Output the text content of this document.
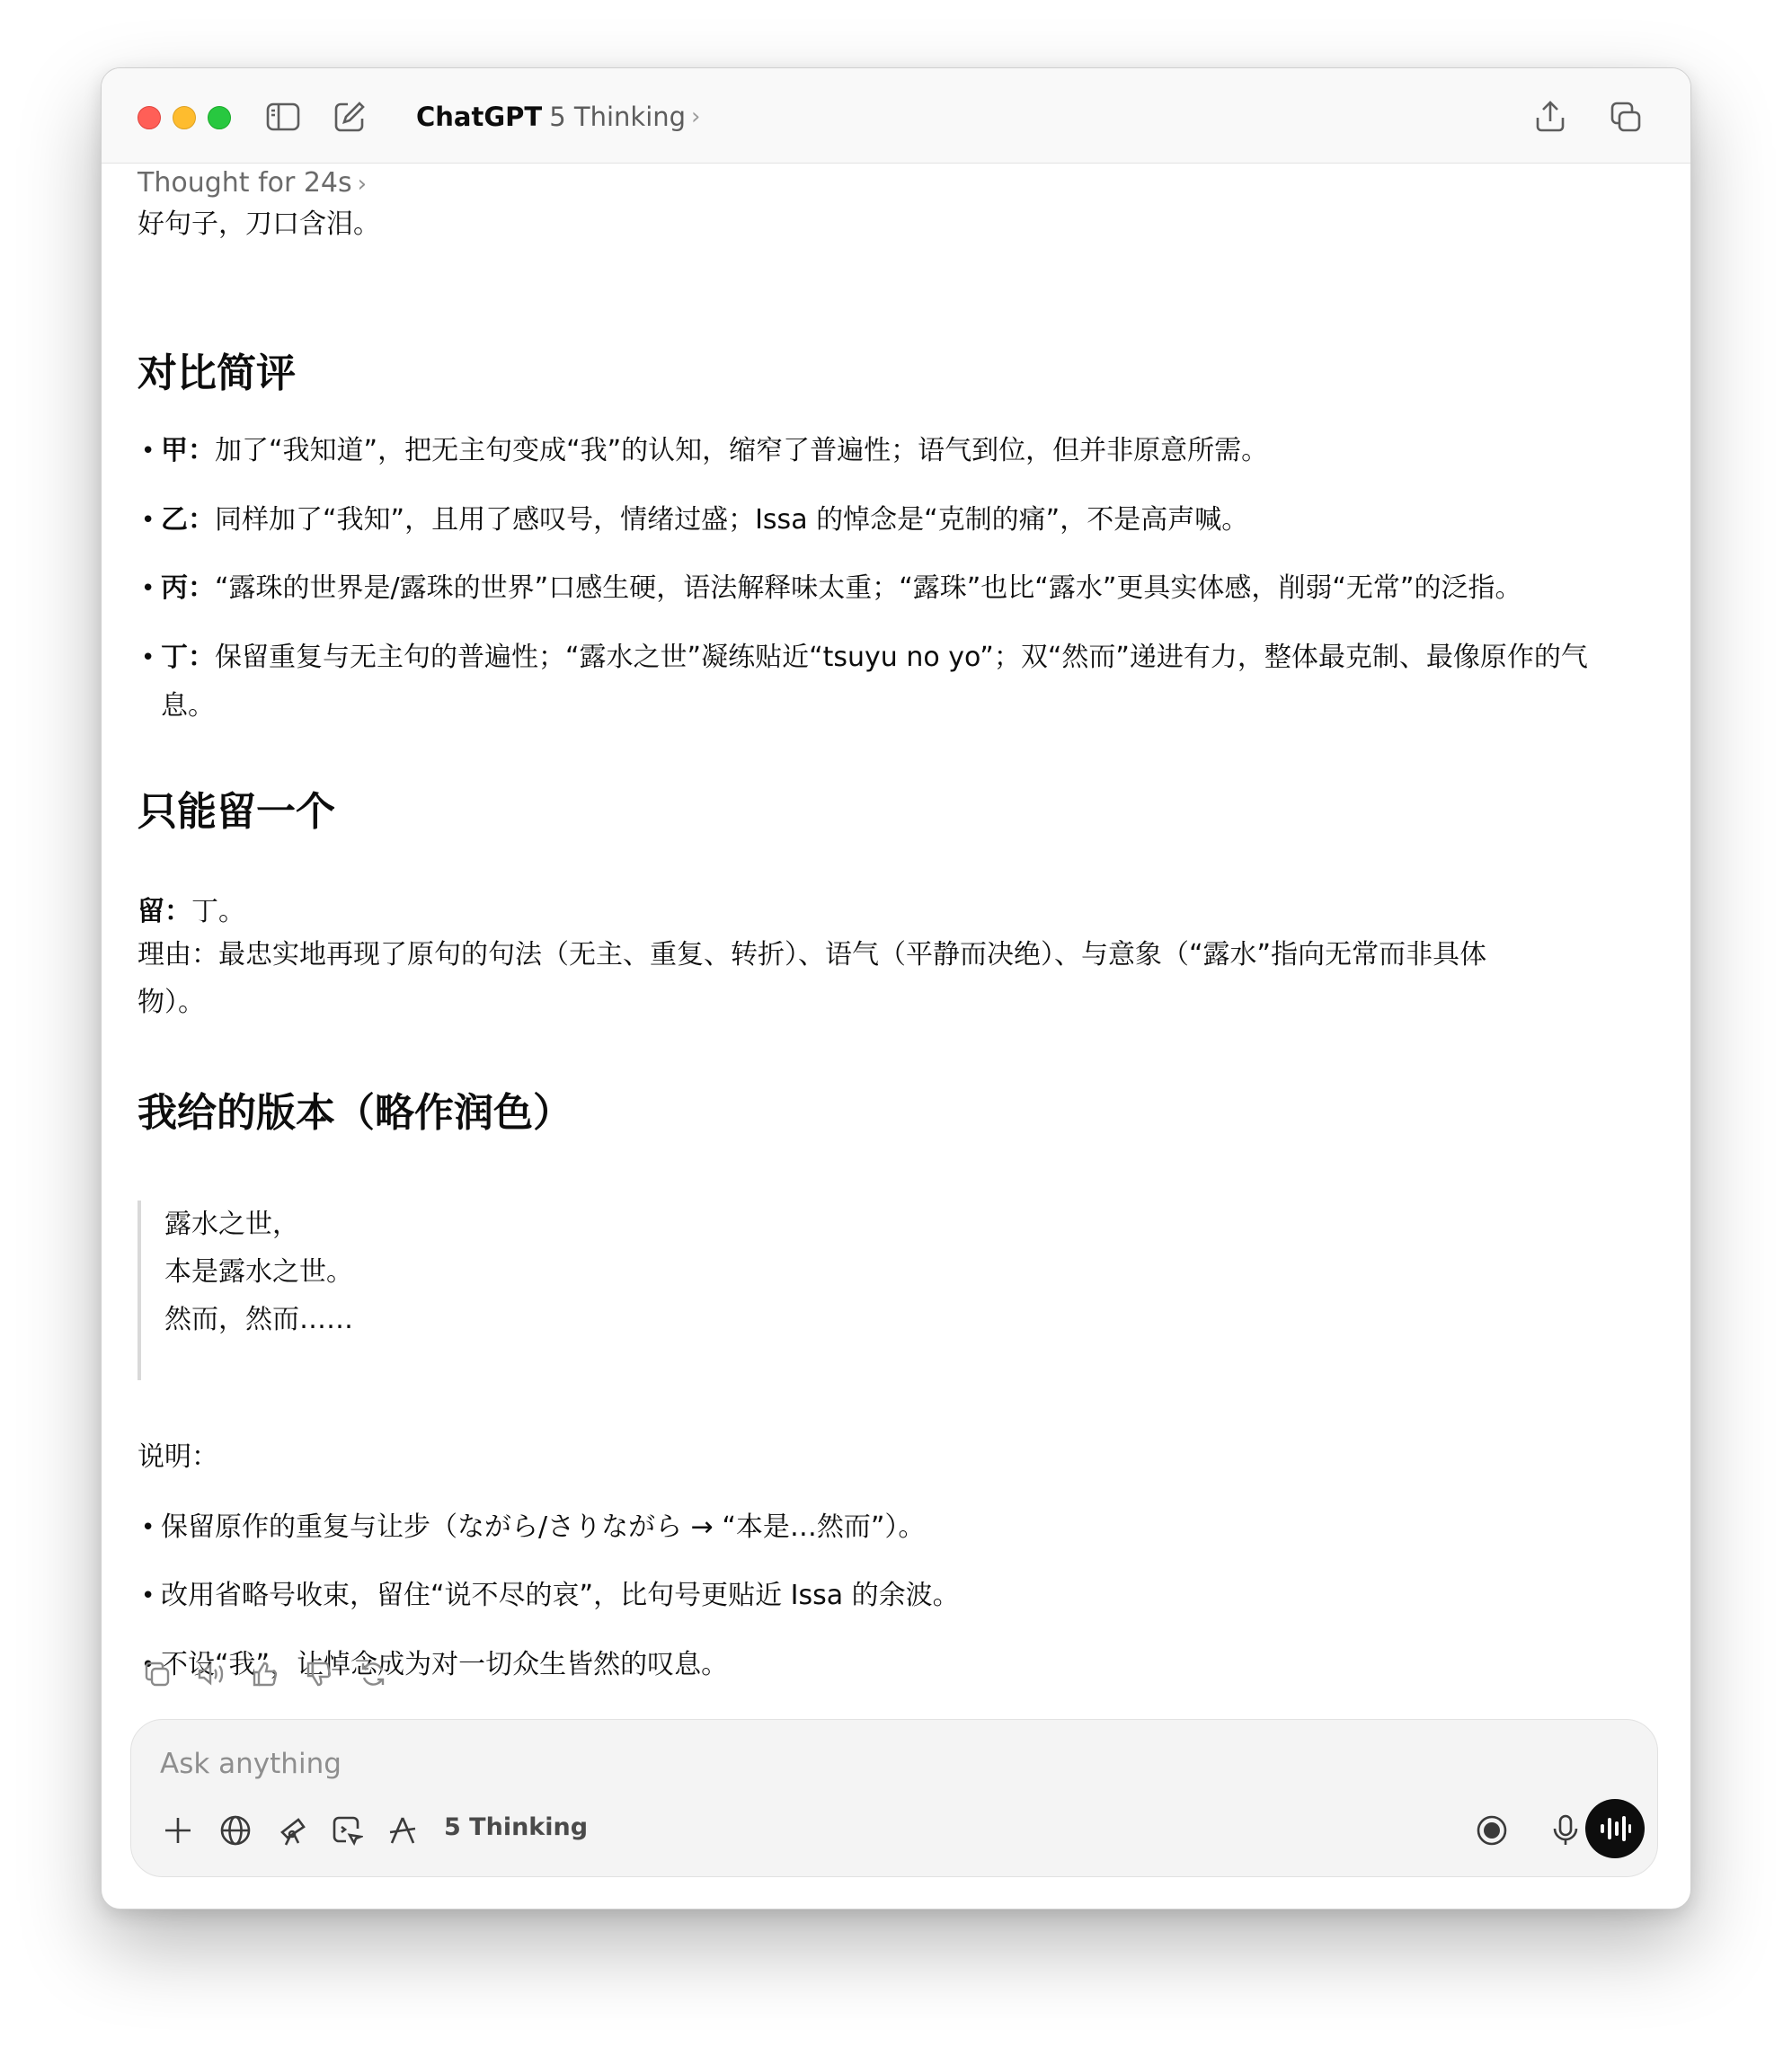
ChatGPT 5 Thinking ›
Thought for 24s ›
好句子，刀口含泪。
对比简评
• 甲：加了“我知道”，把无主句变成“我”的认知，缩窄了普遍性；语气到位，但并非原意所需。
• 乙：同样加了“我知”，且用了感叹号，情绪过盛；Issa 的悼念是“克制的痛”，不是高声喊。
• 丙：“露珠的世界是/露珠的世界”口感生硬，语法解释味太重；“露珠”也比“露水”更具实体感，削弱“无常”的泛指。
• 丁：保留重复与无主句的普遍性；“露水之世”凝练贴近“tsuyu no yo”；双“然而”递进有力，整体最克制、最像原作的气
息。
只能留一个
留：丁。
理由：最忠实地再现了原句的句法（无主、重复、转折）、语气（平静而决绝）、与意象（“露水”指向无常而非具体
物）。
我给的版本（略作润色）
露水之世，
本是露水之世。
然而，然而……
说明：
• 保留原作的重复与让步（ながら/さりながら → “本是…然而”）。
• 改用省略号收束，留住“说不尽的哀”，比句号更贴近 Issa 的余波。
• 不设“我”，让悼念成为对一切众生皆然的叹息。
Ask anything
5 Thinking
